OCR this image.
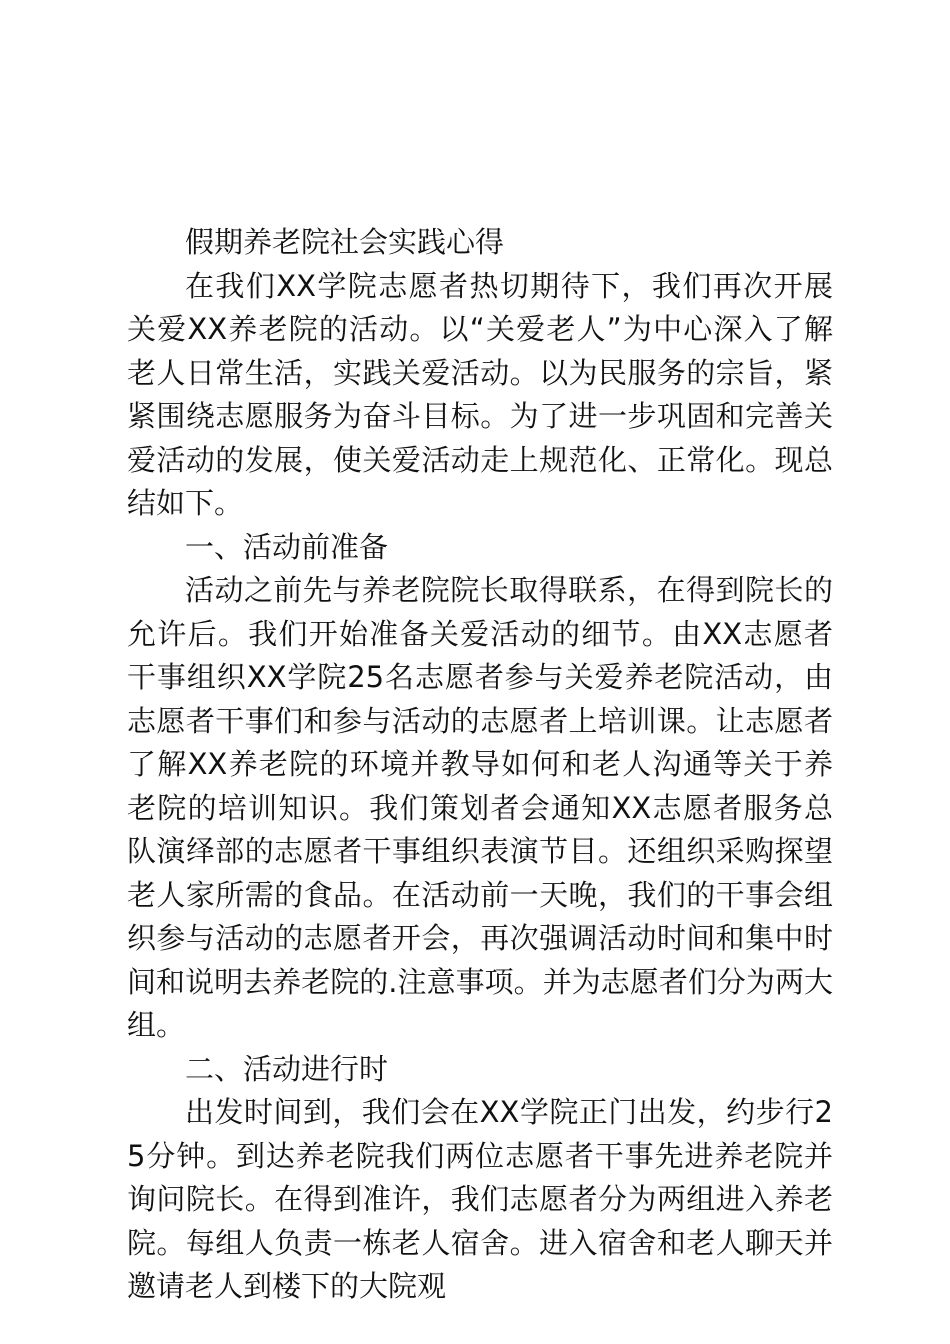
假期养老院社会实践心得

在我们XX学院志愿者热切期待下，我们再次开展关爱XX养老院的活动。以“关爱老人”为中心深入了解老人日常生活，实践关爱活动。以为民服务的宗旨，紧紧围绕志愿服务为奋斗目标。为了进一步巩固和完善关爱活动的发展，使关爱活动走上规范化、正常化。现总结如下。

一、活动前准备

活动之前先与养老院院长取得联系，在得到院长的允许后。我们开始准备关爱活动的细节。由XX志愿者干事组织XX学院25名志愿者参与关爱养老院活动，由志愿者干事们和参与活动的志愿者上培训课。让志愿者了解XX养老院的环境并教导如何和老人沟通等关于养老院的培训知识。我们策划者会通知XX志愿者服务总队演绎部的志愿者干事组织表演节目。还组织采购探望老人家所需的食品。在活动前一天晚，我们的干事会组织参与活动的志愿者开会，再次强调活动时间和集中时间和说明去养老院的.注意事项。并为志愿者们分为两大组。

二、活动进行时

出发时间到，我们会在XX学院正门出发，约步行25分钟。到达养老院我们两位志愿者干事先进养老院并询问院长。在得到准许，我们志愿者分为两组进入养老院。每组人负责一栋老人宿舍。进入宿舍和老人聊天并邀请老人到楼下的大院观
